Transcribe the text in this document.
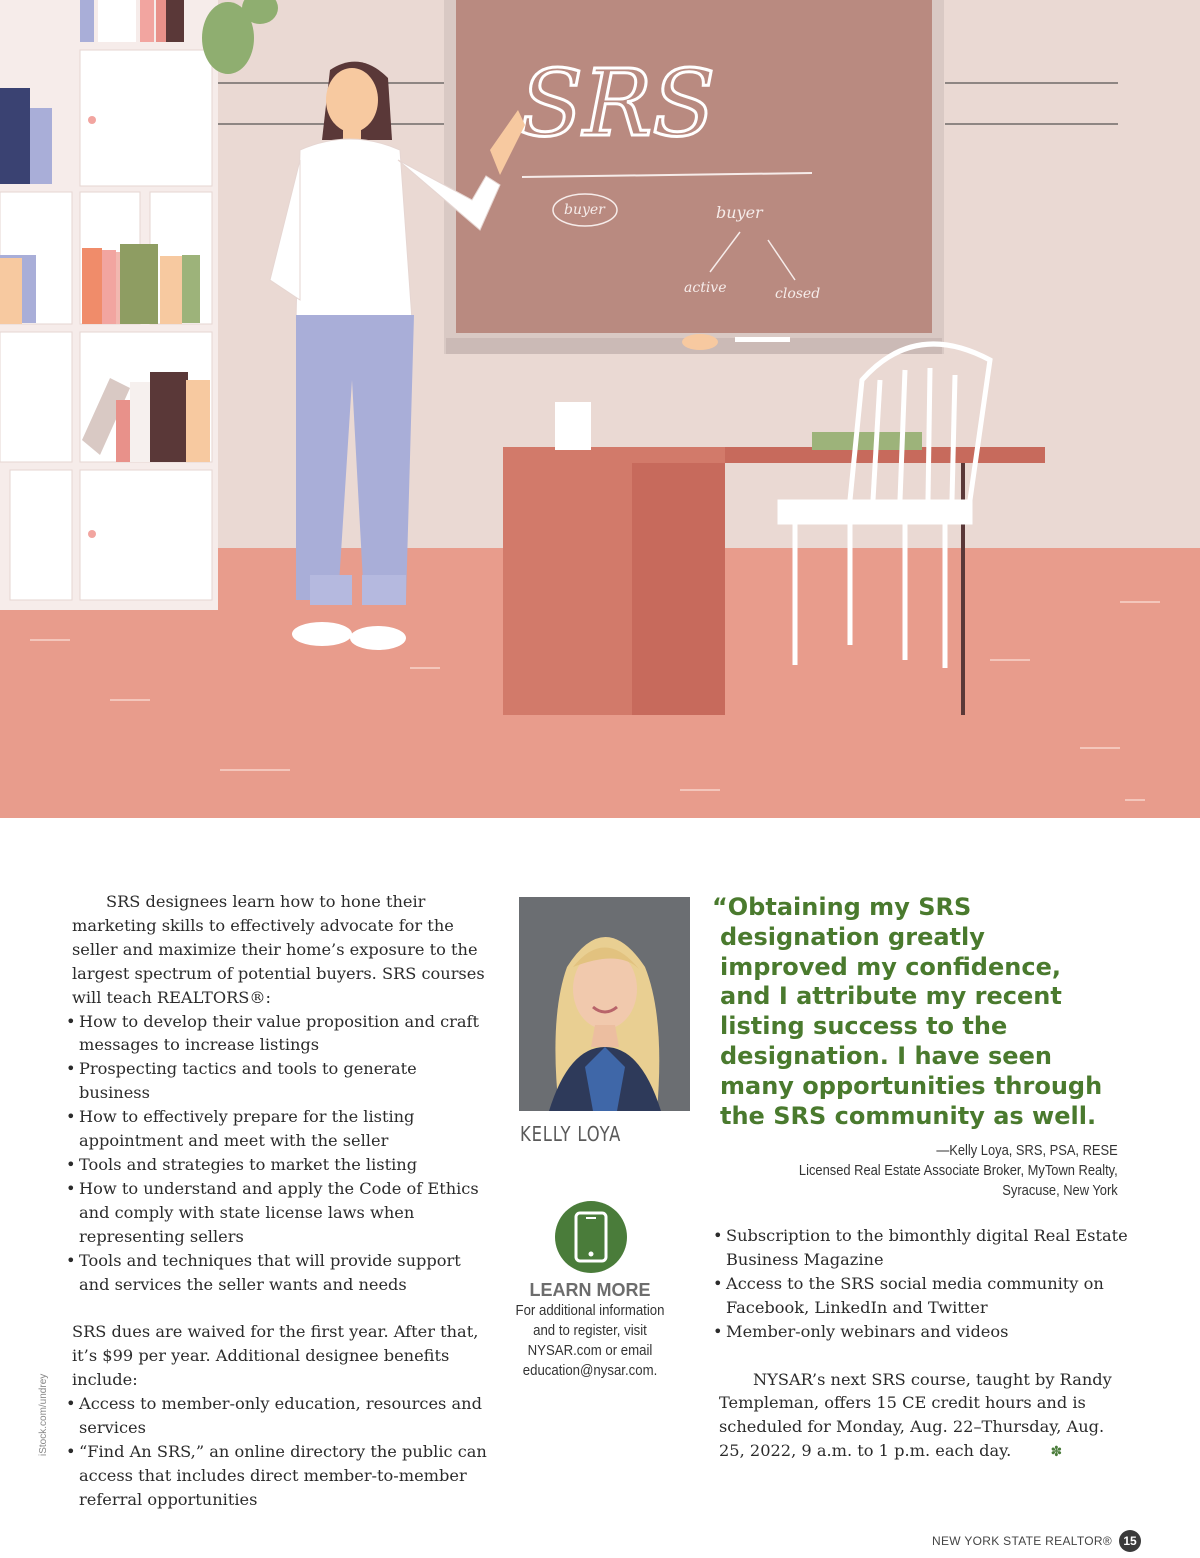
SRS
buyer	buyer
active	closed

SRS designees learn how to hone their marketing skills to effectively advocate for the seller and maximize their home’s exposure to the largest spectrum of potential buyers. SRS courses will teach REALTORS®:

• How to develop their value proposition and craft messages to increase listings
• Prospecting tactics and tools to generate business
• How to effectively prepare for the listing appointment and meet with the seller
• Tools and strategies to market the listing
• How to understand and apply the Code of Ethics and comply with state license laws when representing sellers
• Tools and techniques that will provide support and services the seller wants and needs

SRS dues are waived for the first year. After that, it’s $99 per year. Additional designee benefits include:

• Access to member-only education, resources and services
• “Find An SRS,” an online directory the public can access that includes direct member-to-member referral opportunities
KELLY LOYA
LEARN MORE
For additional information and to register, visit NYSAR.com or email education@nysar.com.
“Obtaining my SRS
designation greatly
improved my confidence,
and I attribute my recent
listing success to the
designation. I have seen
many opportunities through
the SRS community as well.
—Kelly Loya, SRS, PSA, RESE
Licensed Real Estate Associate Broker, MyTown Realty,
Syracuse, New York
• Subscription to the bimonthly digital Real Estate Business Magazine
• Access to the SRS social media community on Facebook, LinkedIn and Twitter
• Member-only webinars and videos

NYSAR’s next SRS course, taught by Randy Templeman, offers 15 CE credit hours and is scheduled for Monday, Aug. 22–Thursday, Aug. 25, 2022, 9 a.m. to 1 p.m. each day.	✽

iStock.com/undrey
NEW YORK STATE REALTOR® 15
